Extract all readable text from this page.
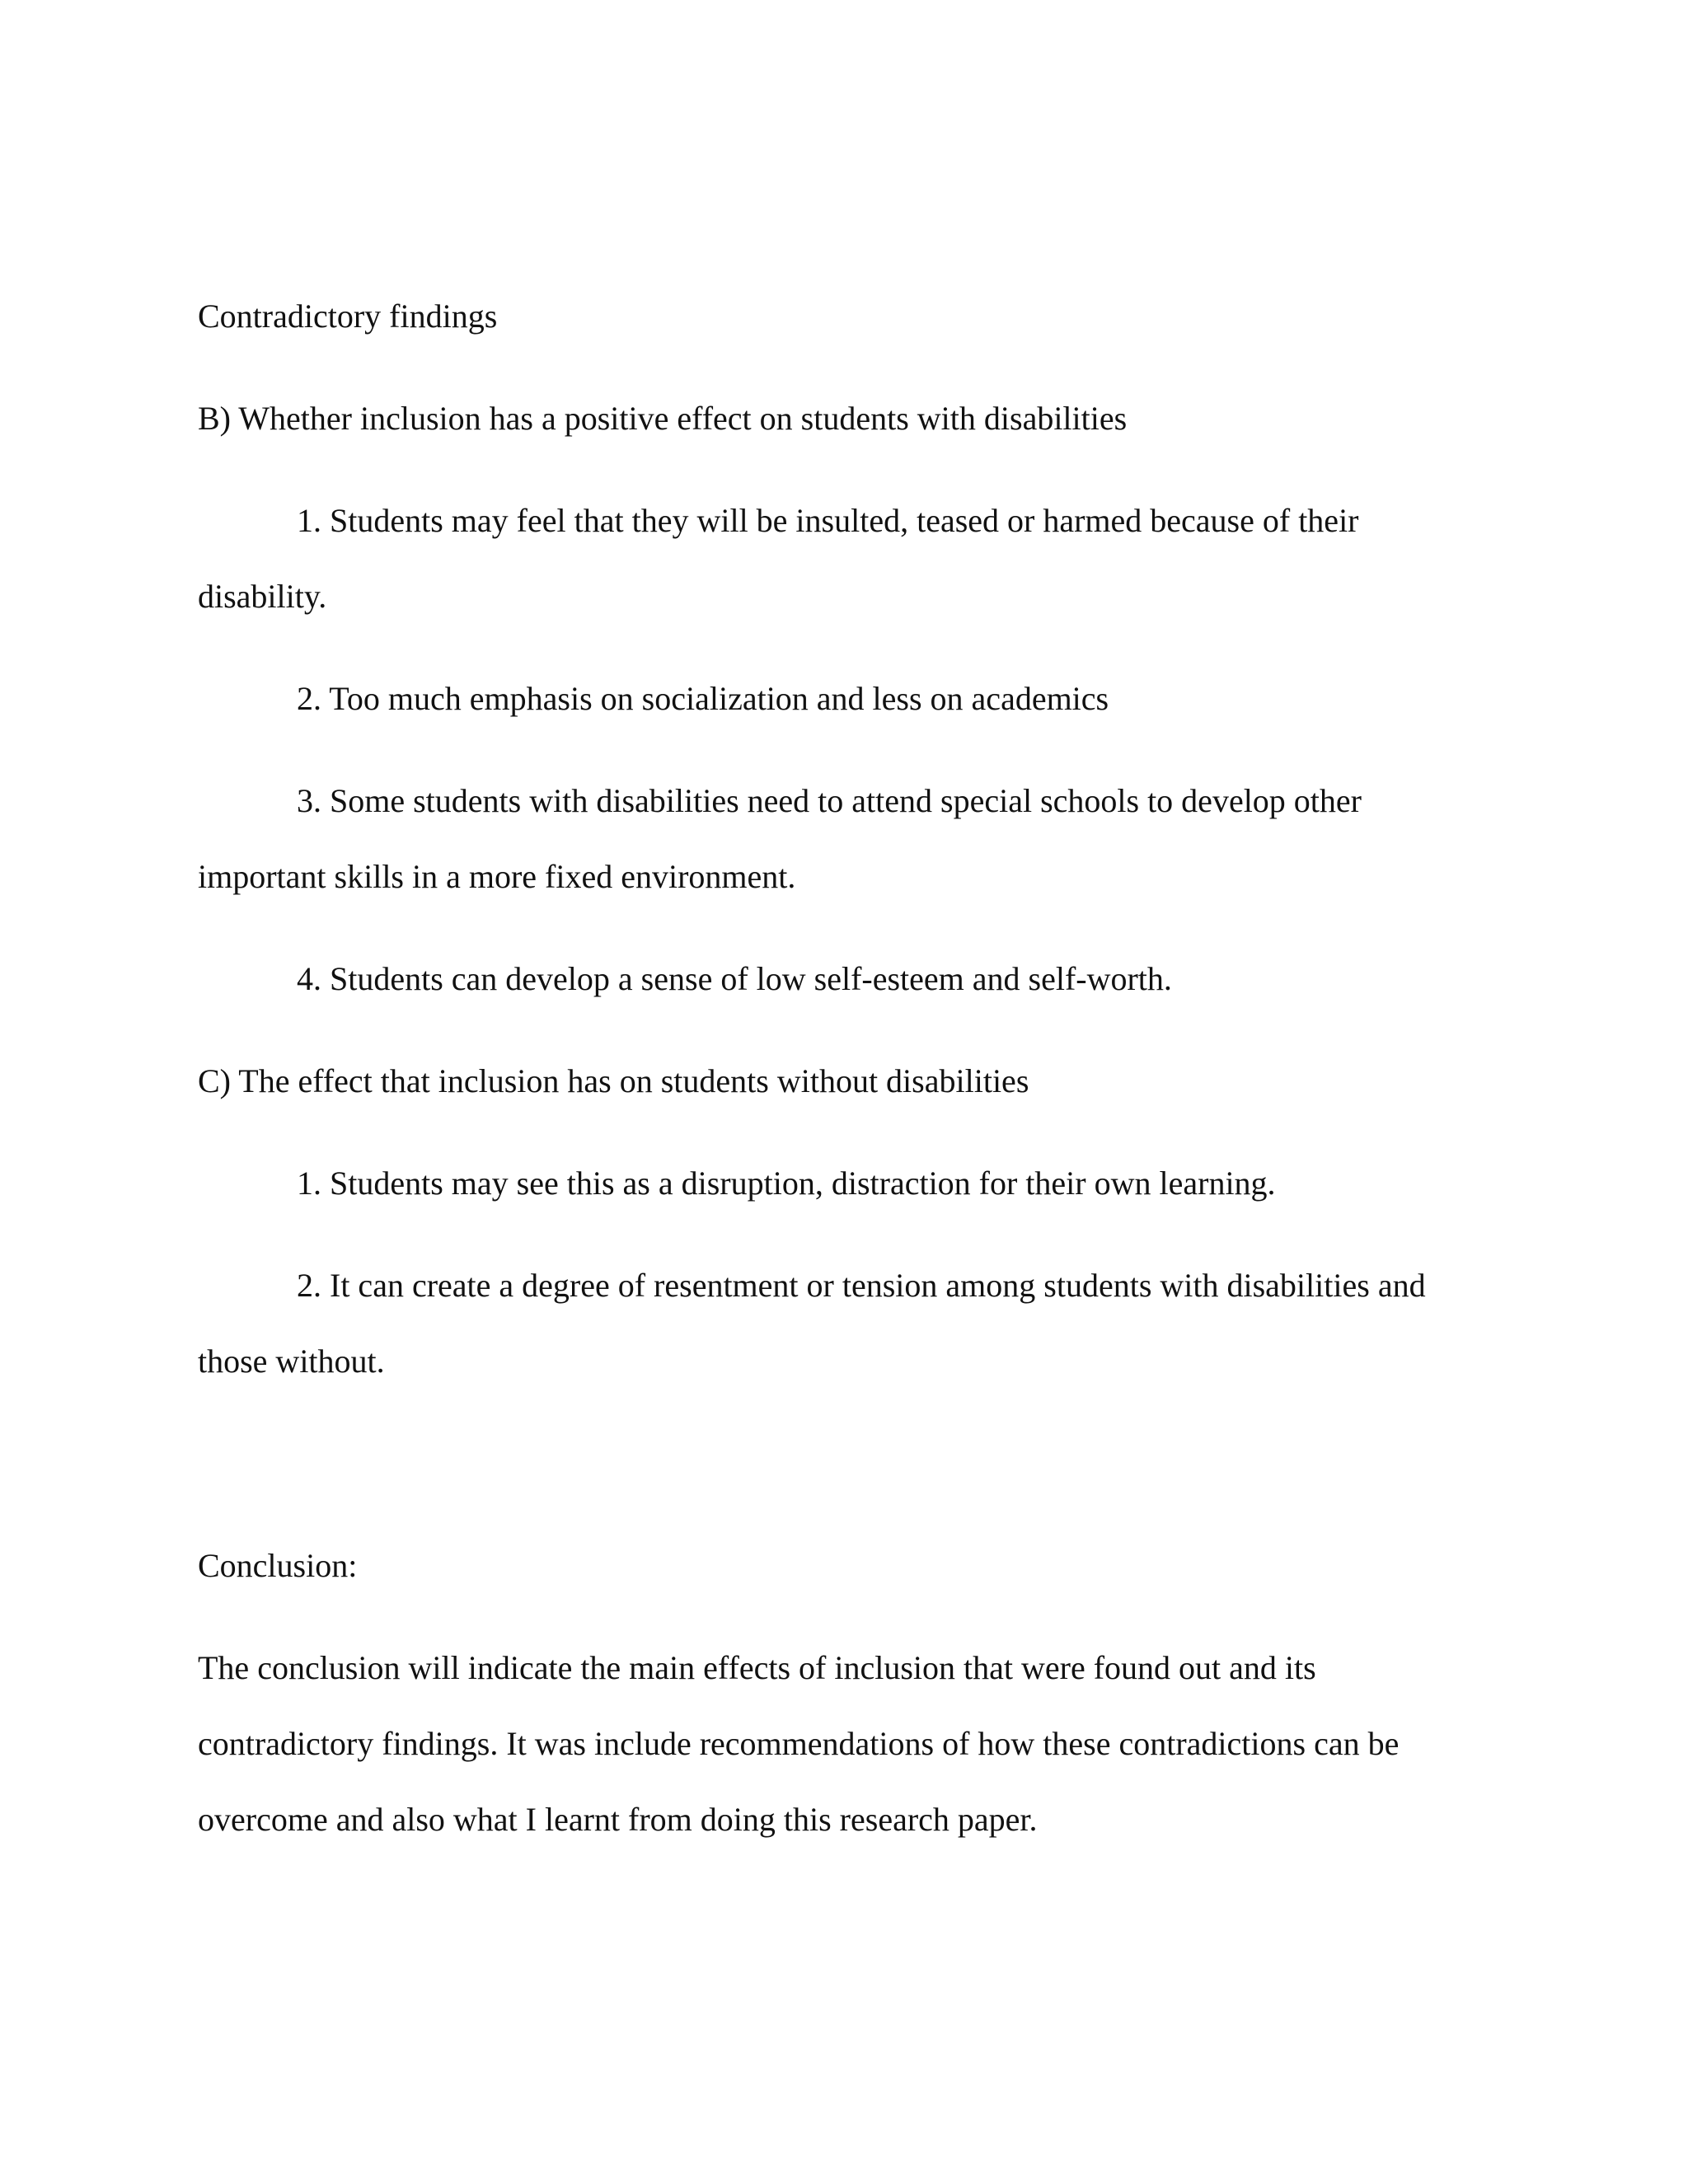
Contradictory findings

B) Whether inclusion has a positive effect on students with disabilities

1. Students may feel that they will be insulted, teased or harmed because of their

disability.

2. Too much emphasis on socialization and less on academics

3. Some students with disabilities need to attend special schools to develop other

important skills in a more fixed environment.

4. Students can develop a sense of low self-esteem and self-worth.

C) The effect that inclusion has on students without disabilities

1. Students may see this as a disruption, distraction for their own learning.

2. It can create a degree of resentment or tension among students with disabilities and

those without.

Conclusion:

The conclusion will indicate the main effects of inclusion that were found out and its

contradictory findings. It was include recommendations of how these contradictions can be

overcome and also what I learnt from doing this research paper.
